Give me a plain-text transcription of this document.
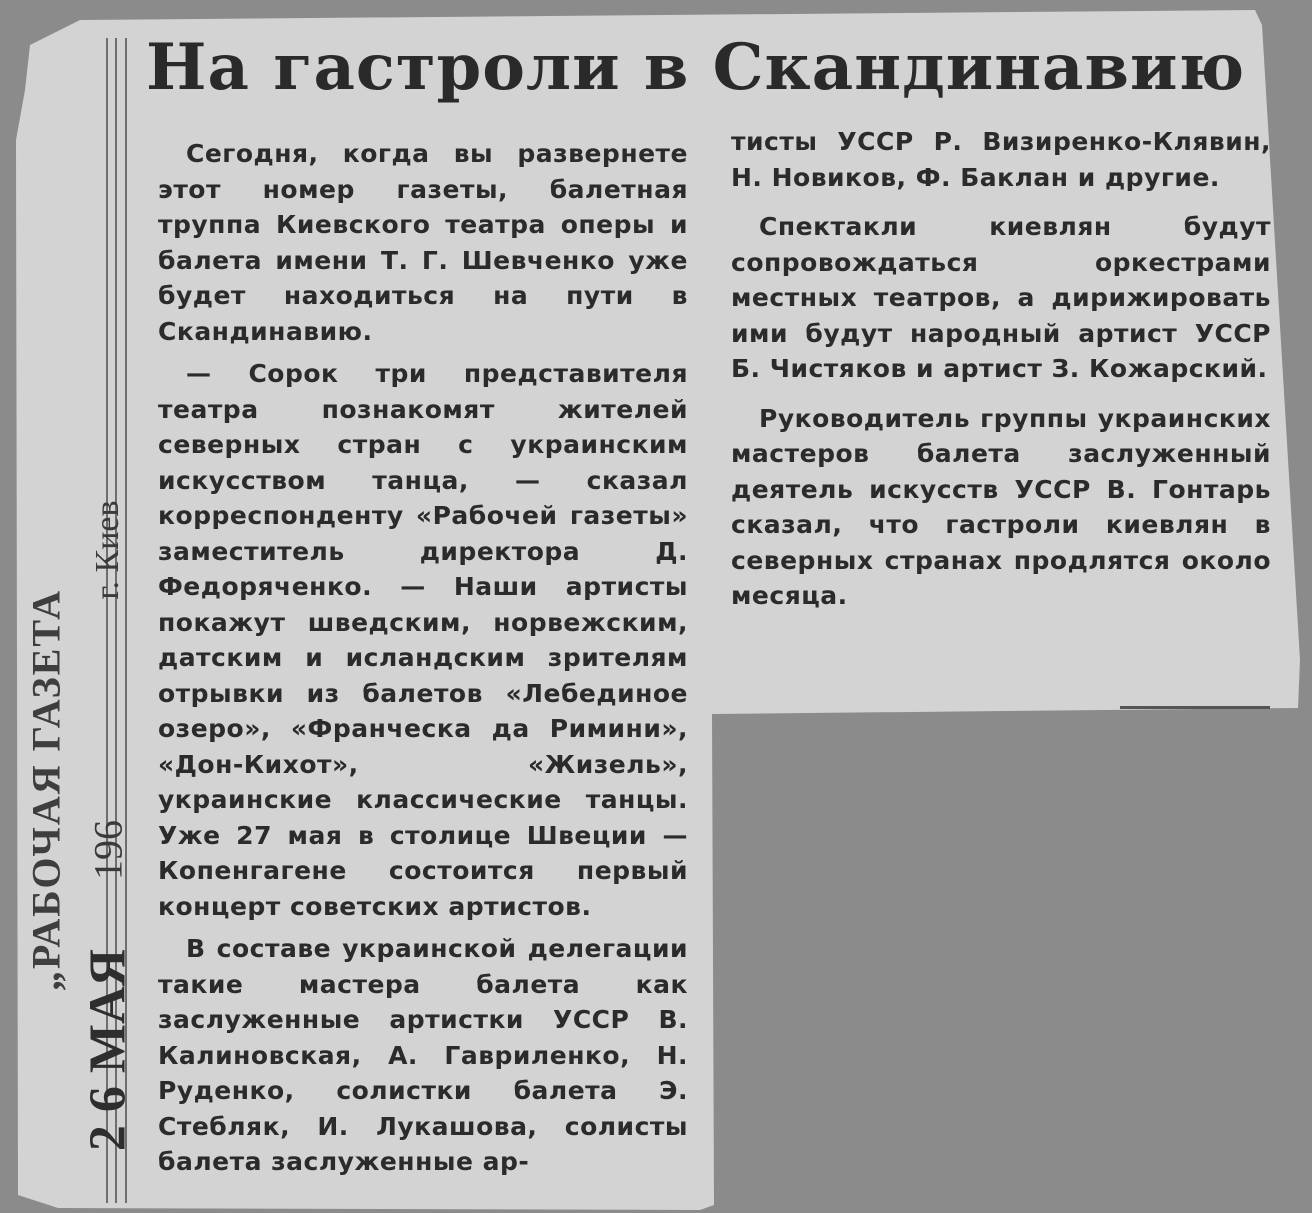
„РАБОЧАЯ ГАЗЕТА
г. Киев
196
2 6 МАЯ
На гастроли в Скандинавию

Сегодня, когда вы развернете этот номер газеты, балетная труппа Киевского театра оперы и балета имени Т. Г. Шевченко уже будет находиться на пути в Скандинавию.

— Сорок три представителя театра познакомят жителей северных стран с украинским искусством танца, — сказал корреспонденту «Рабочей газеты» заместитель директора Д. Федоряченко. — Наши артисты покажут шведским, норвежским, датским и исландским зрителям отрывки из балетов «Лебединое озеро», «Франческа да Римини», «Дон-Кихот», «Жизель», украинские классические танцы. Уже 27 мая в столице Швеции — Копенгагене состоится первый концерт советских артистов.

В составе украинской делегации такие мастера балета как заслуженные артистки УССР В. Калиновская, А. Гавриленко, Н. Руденко, солистки балета Э. Стебляк, И. Лукашова, солисты балета заслуженные ар-

тисты УССР Р. Визиренко-Клявин, Н. Новиков, Ф. Баклан и другие.

Спектакли киевлян будут сопровождаться оркестрами местных театров, а дирижировать ими будут народный артист УССР Б. Чистяков и артист З. Кожарский.

Руководитель группы украинских мастеров балета заслуженный деятель искусств УССР В. Гонтарь сказал, что гастроли киевлян в северных странах продлятся около месяца.
